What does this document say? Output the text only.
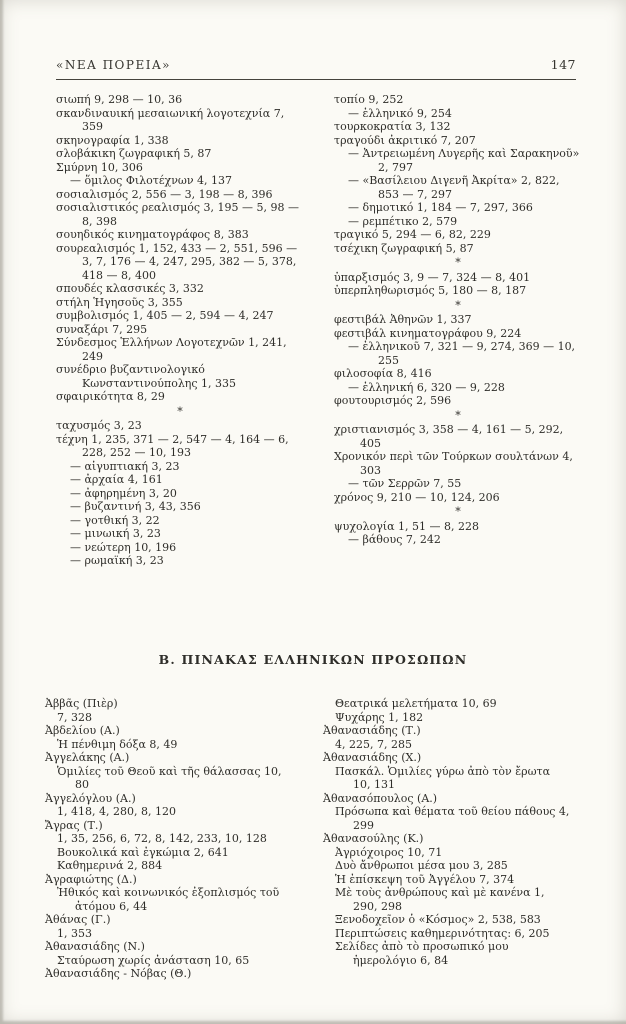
«ΝΕΑ ΠΟΡΕΙΑ»	147
σιωπή 9, 298 — 10, 36
σκανδιναυική μεσαιωνική λογοτεχνία 7, 359
σκηνογραφία 1, 338
σλοβάκικη ζωγραφική 5, 87
Σμύρνη 10, 306
— ὅμιλος Φιλοτέχνων 4, 137
σοσιαλισμός 2, 556 — 3, 198 — 8, 396
σοσιαλιστικός ρεαλισμός 3, 195 — 5, 98 — 8, 398
σουηδικός κινηματογράφος 8, 383
σουρεαλισμός 1, 152, 433 — 2, 551, 596 — 3, 7, 176 — 4, 247, 295, 382 — 5, 378, 418 — 8, 400
σπουδές κλασσικές 3, 332
στήλη Ἡγησοῦς 3, 355
συμβολισμός 1, 405 — 2, 594 — 4, 247
συναξάρι 7, 295
Σύνδεσμος Ἑλλήνων Λογοτεχνῶν 1, 241, 249
συνέδριο βυζαντινολογικό Κωνσταντινούπολης 1, 335
σφαιρικότητα 8, 29
*
ταχυσμός 3, 23
τέχνη 1, 235, 371 — 2, 547 — 4, 164 — 6, 228, 252 — 10, 193
— αἰγυπτιακή 3, 23
— ἀρχαία 4, 161
— ἀφηρημένη 3, 20
— βυζαντινή 3, 43, 356
— γοτθική 3, 22
— μινωική 3, 23
— νεώτερη 10, 196
— ρωμαϊκή 3, 23
τοπίο 9, 252
— ἑλληνικό 9, 254
τουρκοκρατία 3, 132
τραγούδι ἀκριτικό 7, 207
— Ἀντρειωμένη Λυγερῆς καὶ Σαρακηνοῦ» 2, 797
— «Βασίλειου Διγενῆ Ἀκρίτα» 2, 822, 853 — 7, 297
— δημοτικό 1, 184 — 7, 297, 366
— ρεμπέτικο 2, 579
τραγικό 5, 294 — 6, 82, 229
τσέχικη ζωγραφική 5, 87
*
ὑπαρξισμός 3, 9 — 7, 324 — 8, 401
ὑπερπληθωρισμός 5, 180 — 8, 187
*
φεστιβάλ Ἀθηνῶν 1, 337
φεστιβάλ κινηματογράφου 9, 224
— ἑλληνικοῦ 7, 321 — 9, 274, 369 — 10, 255
φιλοσοφία 8, 416
— ἑλληνική 6, 320 — 9, 228
φουτουρισμός 2, 596
*
χριστιανισμός 3, 358 — 4, 161 — 5, 292, 405
Χρονικόν περὶ τῶν Τούρκων σουλτάνων 4, 303
— τῶν Σερρῶν 7, 55
χρόνος 9, 210 — 10, 124, 206
*
ψυχολογία 1, 51 — 8, 228
— βάθους 7, 242
Β. ΠΙΝΑΚΑΣ ΕΛΛΗΝΙΚΩΝ ΠΡΟΣΩΠΩΝ
Ἀββᾶς (Πιὲρ)
7, 328
Ἀβδελίου (Α.)
Ἡ πένθιμη δόξα 8, 49
Ἀγγελάκης (Α.)
Ὁμιλίες τοῦ Θεοῦ καὶ τῆς θάλασσας 10, 80
Ἀγγελόγλου (Α.)
1, 418, 4, 280, 8, 120
Ἄγρας (Τ.)
1, 35, 256, 6, 72, 8, 142, 233, 10, 128
Βουκολικά καὶ ἐγκώμια 2, 641
Καθημερινά 2, 884
Ἀγραφιώτης (Δ.)
Ἠθικός καὶ κοινωνικός ἐξοπλισμός τοῦ ἀτόμου 6, 44
Ἀθάνας (Γ.)
1, 353
Ἀθανασιάδης (Ν.)
Σταύρωση χωρίς ἀνάσταση 10, 65
Ἀθανασιάδης - Νόβας (Θ.)
Θεατρικά μελετήματα 10, 69
Ψυχάρης 1, 182
Ἀθανασιάδης (Τ.)
4, 225, 7, 285
Ἀθανασιάδης (Χ.)
Πασκάλ. Ὁμιλίες γύρω ἀπὸ τὸν ἔρωτα 10, 131
Ἀθανασόπουλος (Α.)
Πρόσωπα καὶ θέματα τοῦ θείου πάθους 4, 299
Ἀθανασούλης (Κ.)
Ἀγριόχοιρος 10, 71
Δυὸ ἄνθρωποι μέσα μου 3, 285
Ἡ ἐπίσκεψη τοῦ Ἀγγέλου 7, 374
Μὲ τοὺς ἀνθρώπους καὶ μὲ κανένα 1, 290, 298
Ξενοδοχεῖον ὁ «Κόσμος» 2, 538, 583
Περιπτώσεις καθημερινότητας: 6, 205
Σελίδες ἀπὸ τὸ προσωπικό μου ἡμερολόγιο 6, 84
